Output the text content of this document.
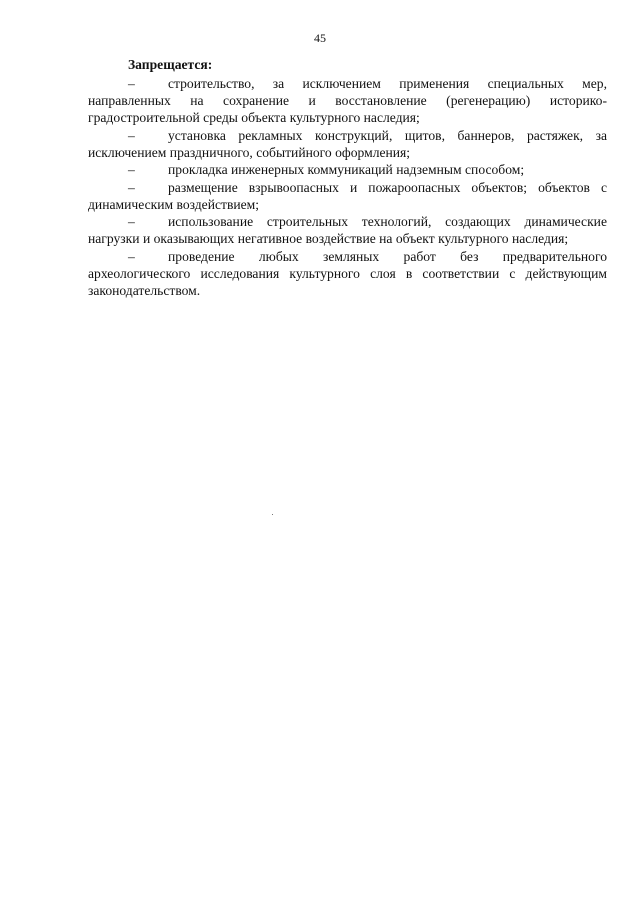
45

Запрещается:

– строительство, за исключением применения специальных мер, направленных на сохранение и восстановление (регенерацию) историко-градостроительной среды объекта культурного наследия;

– установка рекламных конструкций, щитов, баннеров, растяжек, за исключением праздничного, событийного оформления;

– прокладка инженерных коммуникаций надземным способом;

– размещение взрывоопасных и пожароопасных объектов; объектов с динамическим воздействием;

– использование строительных технологий, создающих динамические нагрузки и оказывающих негативное воздействие на объект культурного наследия;

– проведение любых земляных работ без предварительного археологического исследования культурного слоя в соответствии с действующим законодательством.
